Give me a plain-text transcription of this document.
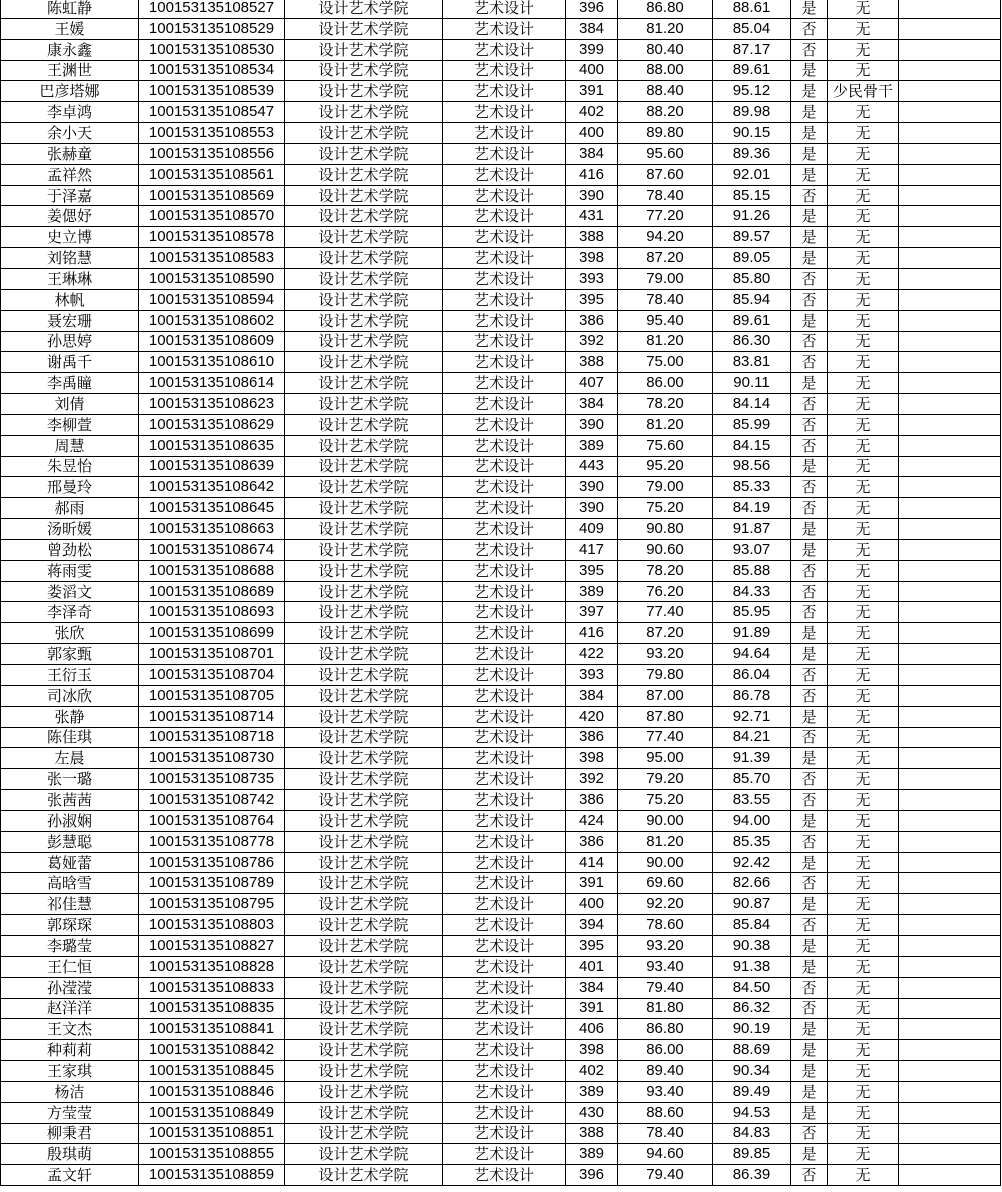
陈虹静	100153135108527	设计艺术学院	艺术设计	396	86.80	88.61	是	无	
王媛	100153135108529	设计艺术学院	艺术设计	384	81.20	85.04	否	无	
康永鑫	100153135108530	设计艺术学院	艺术设计	399	80.40	87.17	否	无	
王渊世	100153135108534	设计艺术学院	艺术设计	400	88.00	89.61	是	无	
巴彦塔娜	100153135108539	设计艺术学院	艺术设计	391	88.40	95.12	是	少民骨干	
李卓鸿	100153135108547	设计艺术学院	艺术设计	402	88.20	89.98	是	无	
余小天	100153135108553	设计艺术学院	艺术设计	400	89.80	90.15	是	无	
张赫童	100153135108556	设计艺术学院	艺术设计	384	95.60	89.36	是	无	
孟祥然	100153135108561	设计艺术学院	艺术设计	416	87.60	92.01	是	无	
于泽嘉	100153135108569	设计艺术学院	艺术设计	390	78.40	85.15	否	无	
姜偲妤	100153135108570	设计艺术学院	艺术设计	431	77.20	91.26	是	无	
史立博	100153135108578	设计艺术学院	艺术设计	388	94.20	89.57	是	无	
刘铭慧	100153135108583	设计艺术学院	艺术设计	398	87.20	89.05	是	无	
王琳琳	100153135108590	设计艺术学院	艺术设计	393	79.00	85.80	否	无	
林帆	100153135108594	设计艺术学院	艺术设计	395	78.40	85.94	否	无	
聂宏珊	100153135108602	设计艺术学院	艺术设计	386	95.40	89.61	是	无	
孙思婷	100153135108609	设计艺术学院	艺术设计	392	81.20	86.30	否	无	
谢禹千	100153135108610	设计艺术学院	艺术设计	388	75.00	83.81	否	无	
李禹瞳	100153135108614	设计艺术学院	艺术设计	407	86.00	90.11	是	无	
刘倩	100153135108623	设计艺术学院	艺术设计	384	78.20	84.14	否	无	
李柳萱	100153135108629	设计艺术学院	艺术设计	390	81.20	85.99	否	无	
周慧	100153135108635	设计艺术学院	艺术设计	389	75.60	84.15	否	无	
朱昱怡	100153135108639	设计艺术学院	艺术设计	443	95.20	98.56	是	无	
邢曼玲	100153135108642	设计艺术学院	艺术设计	390	79.00	85.33	否	无	
郝雨	100153135108645	设计艺术学院	艺术设计	390	75.20	84.19	否	无	
汤昕媛	100153135108663	设计艺术学院	艺术设计	409	90.80	91.87	是	无	
曾劲松	100153135108674	设计艺术学院	艺术设计	417	90.60	93.07	是	无	
蒋雨雯	100153135108688	设计艺术学院	艺术设计	395	78.20	85.88	否	无	
娄滔文	100153135108689	设计艺术学院	艺术设计	389	76.20	84.33	否	无	
李泽奇	100153135108693	设计艺术学院	艺术设计	397	77.40	85.95	否	无	
张欣	100153135108699	设计艺术学院	艺术设计	416	87.20	91.89	是	无	
郭家甄	100153135108701	设计艺术学院	艺术设计	422	93.20	94.64	是	无	
王衍玉	100153135108704	设计艺术学院	艺术设计	393	79.80	86.04	否	无	
司冰欣	100153135108705	设计艺术学院	艺术设计	384	87.00	86.78	否	无	
张静	100153135108714	设计艺术学院	艺术设计	420	87.80	92.71	是	无	
陈佳琪	100153135108718	设计艺术学院	艺术设计	386	77.40	84.21	否	无	
左晨	100153135108730	设计艺术学院	艺术设计	398	95.00	91.39	是	无	
张一璐	100153135108735	设计艺术学院	艺术设计	392	79.20	85.70	否	无	
张茜茜	100153135108742	设计艺术学院	艺术设计	386	75.20	83.55	否	无	
孙淑娴	100153135108764	设计艺术学院	艺术设计	424	90.00	94.00	是	无	
彭慧聪	100153135108778	设计艺术学院	艺术设计	386	81.20	85.35	否	无	
葛娅蕾	100153135108786	设计艺术学院	艺术设计	414	90.00	92.42	是	无	
高晗雪	100153135108789	设计艺术学院	艺术设计	391	69.60	82.66	否	无	
祁佳慧	100153135108795	设计艺术学院	艺术设计	400	92.20	90.87	是	无	
郭琛琛	100153135108803	设计艺术学院	艺术设计	394	78.60	85.84	否	无	
李璐莹	100153135108827	设计艺术学院	艺术设计	395	93.20	90.38	是	无	
王仁恒	100153135108828	设计艺术学院	艺术设计	401	93.40	91.38	是	无	
孙滢滢	100153135108833	设计艺术学院	艺术设计	384	79.40	84.50	否	无	
赵洋洋	100153135108835	设计艺术学院	艺术设计	391	81.80	86.32	否	无	
王文杰	100153135108841	设计艺术学院	艺术设计	406	86.80	90.19	是	无	
种莉莉	100153135108842	设计艺术学院	艺术设计	398	86.00	88.69	是	无	
王家琪	100153135108845	设计艺术学院	艺术设计	402	89.40	90.34	是	无	
杨洁	100153135108846	设计艺术学院	艺术设计	389	93.40	89.49	是	无	
方莹莹	100153135108849	设计艺术学院	艺术设计	430	88.60	94.53	是	无	
柳秉君	100153135108851	设计艺术学院	艺术设计	388	78.40	84.83	否	无	
殷琪萌	100153135108855	设计艺术学院	艺术设计	389	94.60	89.85	是	无	
孟文轩	100153135108859	设计艺术学院	艺术设计	396	79.40	86.39	否	无	
